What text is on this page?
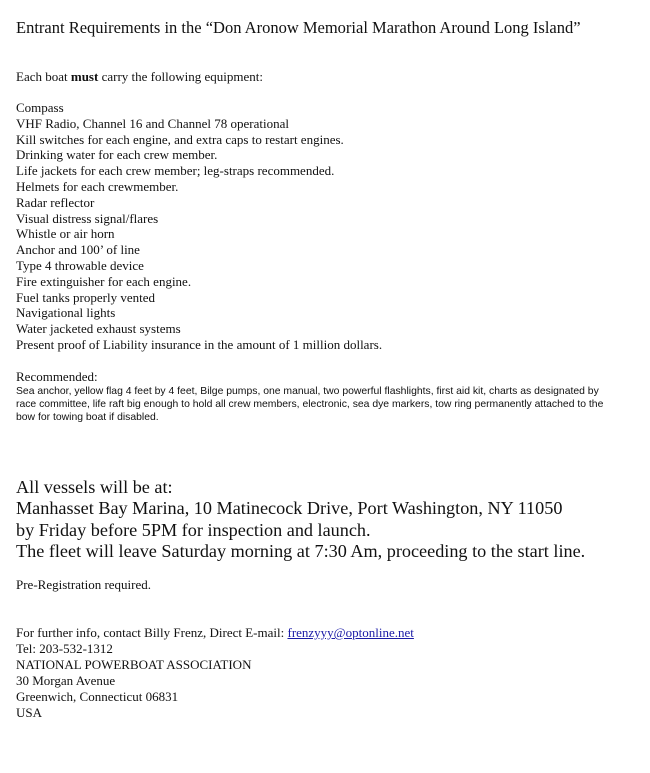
Entrant Requirements in the “Don Aronow Memorial Marathon Around Long Island”
Each boat must carry the following equipment:
Compass
VHF Radio, Channel 16 and Channel 78 operational
Kill switches for each engine, and extra caps to restart engines.
Drinking water for each crew member.
Life jackets for each crew member; leg-straps recommended.
Helmets for each crewmember.
Radar reflector
Visual distress signal/flares
Whistle or air horn
Anchor and 100’ of line
Type 4 throwable device
Fire extinguisher for each engine.
Fuel tanks properly vented
Navigational lights
Water jacketed exhaust systems
Present proof of Liability insurance in the amount of 1 million dollars.
Recommended:
Sea anchor, yellow flag 4 feet by 4 feet, Bilge pumps, one manual, two powerful flashlights, first aid kit, charts as designated by race committee, life raft big enough to hold all crew members, electronic, sea dye markers, tow ring permanently attached to the bow for towing boat if disabled.
All vessels will be at:
Manhasset Bay Marina, 10 Matinecock Drive, Port Washington, NY 11050
by Friday before 5PM for inspection and launch.
The fleet will leave Saturday morning at 7:30 Am, proceeding to the start line.
Pre-Registration required.
For further info, contact Billy Frenz, Direct E-mail: frenzyyy@optonline.net
Tel: 203-532-1312
NATIONAL POWERBOAT ASSOCIATION
30 Morgan Avenue
Greenwich, Connecticut 06831
USA
